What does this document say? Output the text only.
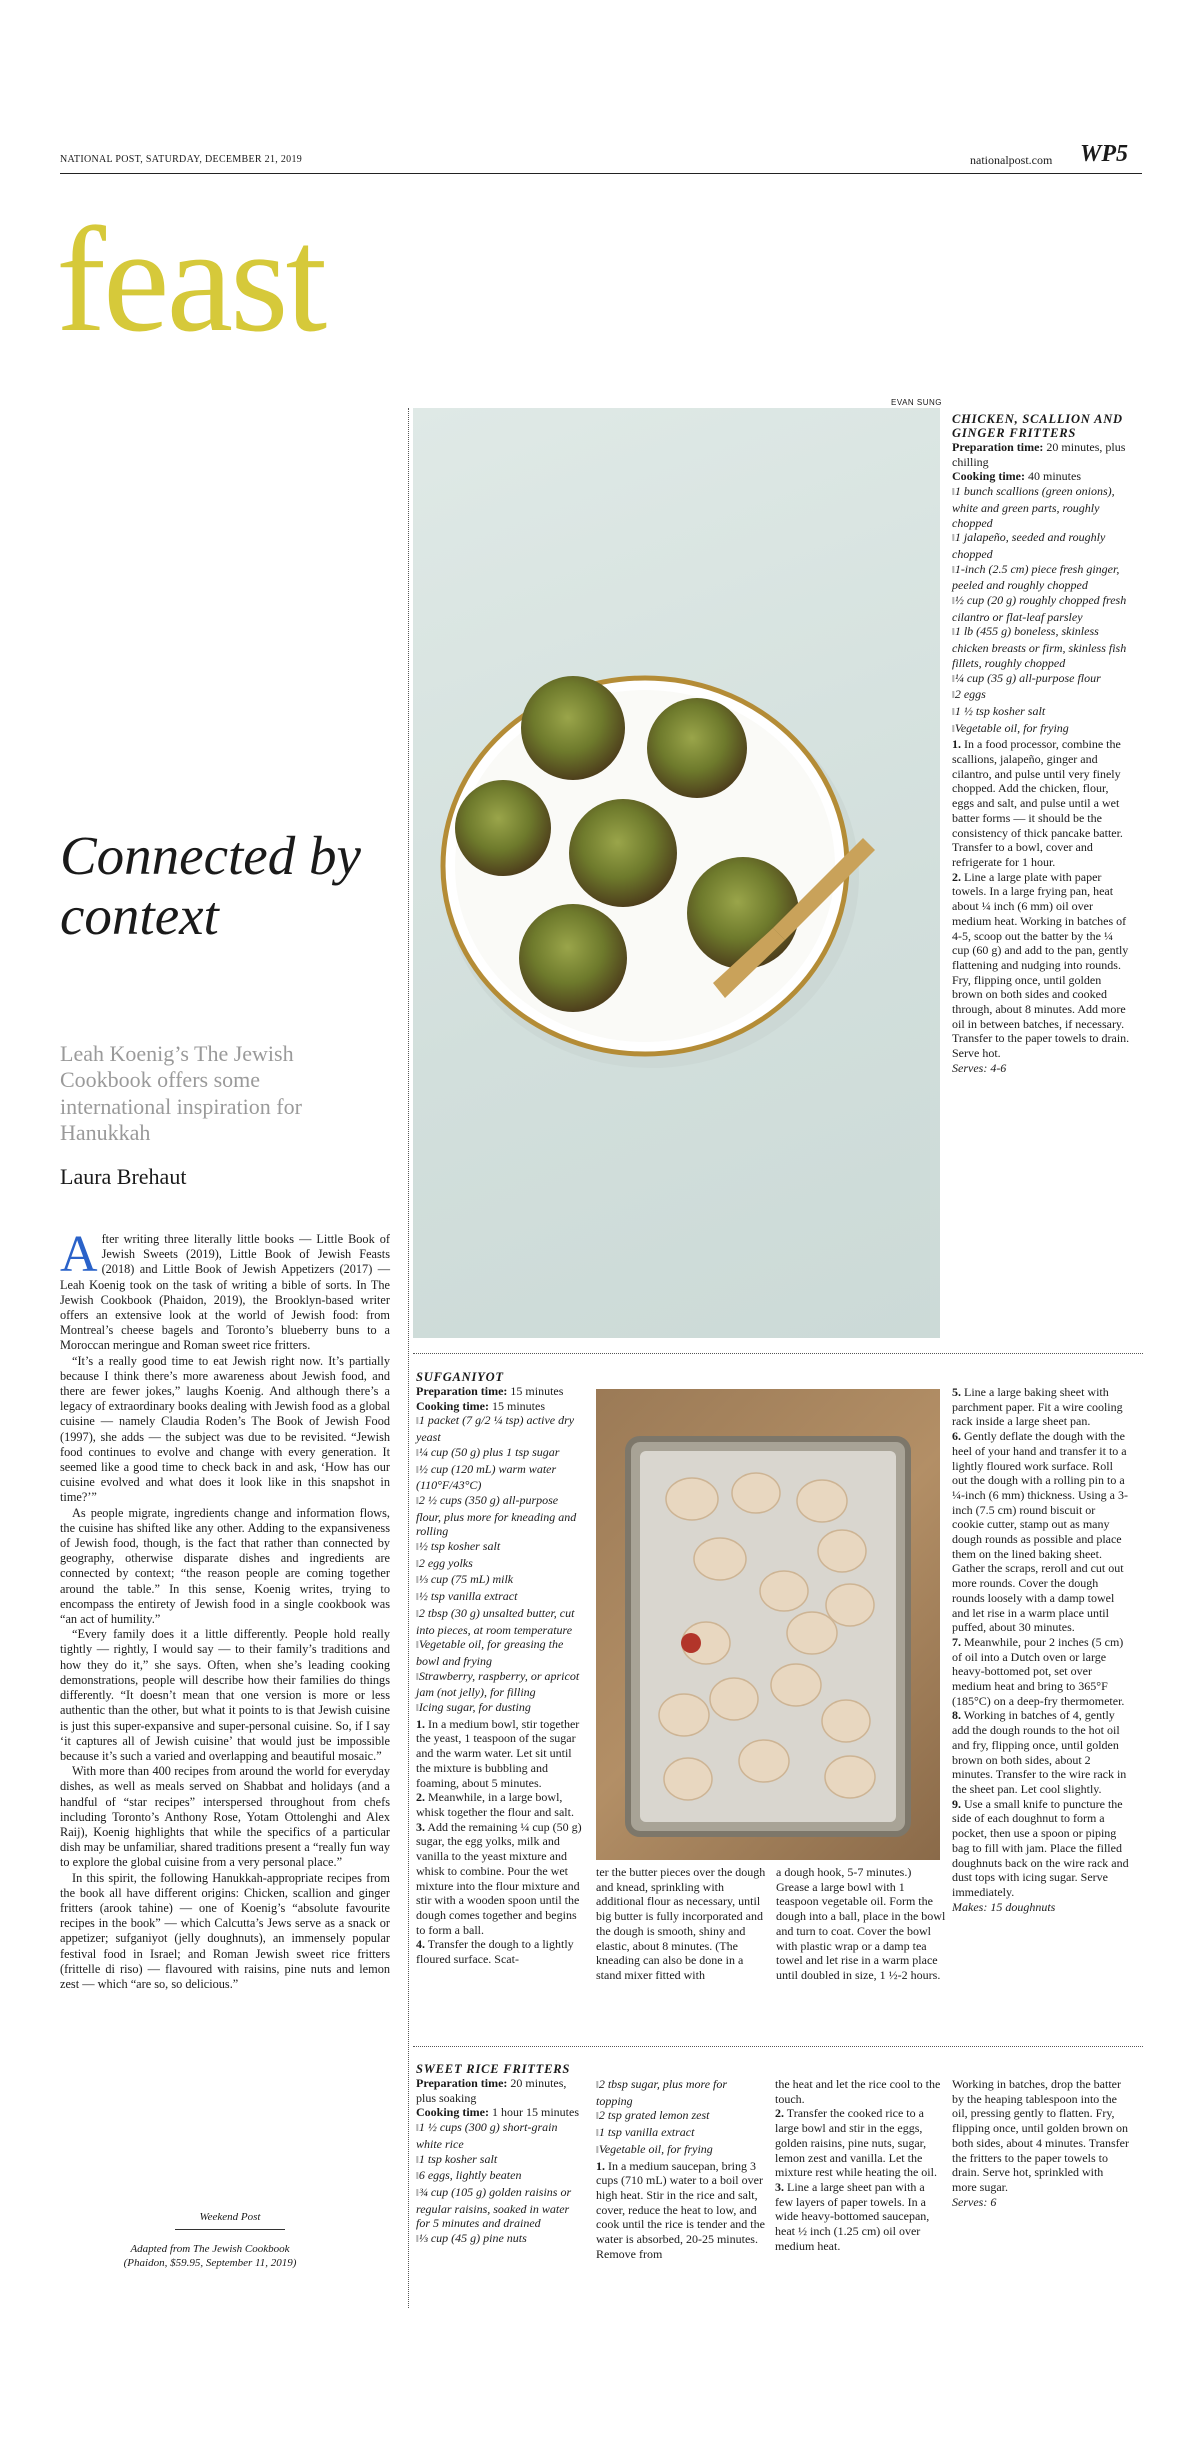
NATIONAL POST, SATURDAY, DECEMBER 21, 2019	nationalpost.com WP5
feast
Connected by context
Leah Koenig’s The Jewish Cookbook offers some international inspiration for Hanukkah
Laura Brehaut

After writing three literally little books — Little Book of Jewish Sweets (2019), Little Book of Jewish Feasts (2018) and Little Book of Jewish Appetizers (2017) — Leah Koenig took on the task of writing a bible of sorts. In The Jewish Cookbook (Phaidon, 2019), the Brooklyn-based writer offers an extensive look at the world of Jewish food: from Montreal’s cheese bagels and Toronto’s blueberry buns to a Moroccan meringue and Roman sweet rice fritters.

“It’s a really good time to eat Jewish right now. It’s partially because I think there’s more awareness about Jewish food, and there are fewer jokes,” laughs Koenig. And although there’s a legacy of extraordinary books dealing with Jewish food as a global cuisine — namely Claudia Roden’s The Book of Jewish Food (1997), she adds — the subject was due to be revisited. “Jewish food continues to evolve and change with every generation. It seemed like a good time to check back in and ask, ‘How has our cuisine evolved and what does it look like in this snapshot in time?’”

As people migrate, ingredients change and information flows, the cuisine has shifted like any other. Adding to the expansiveness of Jewish food, though, is the fact that rather than connected by geography, otherwise disparate dishes and ingredients are connected by context; “the reason people are coming together around the table.” In this sense, Koenig writes, trying to encompass the entirety of Jewish food in a single cookbook was “an act of humility.”

“Every family does it a little differently. People hold really tightly — rightly, I would say — to their family’s traditions and how they do it,” she says. Often, when she’s leading cooking demonstrations, people will describe how their families do things differently. “It doesn’t mean that one version is more or less authentic than the other, but what it points to is that Jewish cuisine is just this super-expansive and super-personal cuisine. So, if I say ‘it captures all of Jewish cuisine’ that would just be impossible because it’s such a varied and overlapping and beautiful mosaic.”

With more than 400 recipes from around the world for everyday dishes, as well as meals served on Shabbat and holidays (and a handful of “star recipes” interspersed throughout from chefs including Toronto’s Anthony Rose, Yotam Ottolenghi and Alex Raij), Koenig highlights that while the specifics of a particular dish may be unfamiliar, shared traditions present a “really fun way to explore the global cuisine from a very personal place.”

In this spirit, the following Hanukkah-appropriate recipes from the book all have different origins: Chicken, scallion and ginger fritters (arook tahine) — one of Koenig’s “absolute favourite recipes in the book” — which Calcutta’s Jews serve as a snack or appetizer; sufganiyot (jelly doughnuts), an immensely popular festival food in Israel; and Roman Jewish sweet rice fritters (frittelle di riso) — flavoured with raisins, pine nuts and lemon zest — which “are so, so delicious.”

Weekend Post
Adapted from The Jewish Cookbook
(Phaidon, $59.95, September 11, 2019)
EVAN SUNG
CHICKEN, SCALLION AND GINGER FRITTERS
Preparation time: 20 minutes, plus chilling
Cooking time: 40 minutes
‖ 1 bunch scallions (green onions), white and green parts, roughly chopped
‖ 1 jalapeño, seeded and roughly chopped
‖ 1-inch (2.5 cm) piece fresh ginger, peeled and roughly chopped
‖ ½ cup (20 g) roughly chopped fresh cilantro or flat-leaf parsley
‖ 1 lb (455 g) boneless, skinless chicken breasts or firm, skinless fish fillets, roughly chopped
‖ ¼ cup (35 g) all-purpose flour
‖ 2 eggs
‖ 1 ½ tsp kosher salt
‖ Vegetable oil, for frying
1. In a food processor, combine the scallions, jalapeño, ginger and cilantro, and pulse until very finely chopped. Add the chicken, flour, eggs and salt, and pulse until a wet batter forms — it should be the consistency of thick pancake batter. Transfer to a bowl, cover and refrigerate for 1 hour.
2. Line a large plate with paper towels. In a large frying pan, heat about ¼ inch (6 mm) oil over medium heat. Working in batches of 4-5, scoop out the batter by the ¼ cup (60 g) and add to the pan, gently flattening and nudging into rounds. Fry, flipping once, until golden brown on both sides and cooked through, about 8 minutes. Add more oil in between batches, if necessary. Transfer to the paper towels to drain. Serve hot.
Serves: 4-6
SUFGANIYOT
Preparation time: 15 minutes
Cooking time: 15 minutes
‖ 1 packet (7 g/2 ¼ tsp) active dry yeast
‖ ¼ cup (50 g) plus 1 tsp sugar
‖ ½ cup (120 mL) warm water (110°F/43°C)
‖ 2 ½ cups (350 g) all-purpose flour, plus more for kneading and rolling
‖ ½ tsp kosher salt
‖ 2 egg yolks
‖ ⅓ cup (75 mL) milk
‖ ½ tsp vanilla extract
‖ 2 tbsp (30 g) unsalted butter, cut into pieces, at room temperature
‖ Vegetable oil, for greasing the bowl and frying
‖ Strawberry, raspberry, or apricot jam (not jelly), for filling
‖ Icing sugar, for dusting
1. In a medium bowl, stir together the yeast, 1 teaspoon of the sugar and the warm water. Let sit until the mixture is bubbling and foaming, about 5 minutes.
2. Meanwhile, in a large bowl, whisk together the flour and salt.
3. Add the remaining ¼ cup (50 g) sugar, the egg yolks, milk and vanilla to the yeast mixture and whisk to combine. Pour the wet mixture into the flour mixture and stir with a wooden spoon until the dough comes together and begins to form a ball.
4. Transfer the dough to a lightly floured surface. Scat-
ter the butter pieces over the dough and knead, sprinkling with additional flour as necessary, until big butter is fully incorporated and the dough is smooth, shiny and elastic, about 8 minutes. (The kneading can also be done in a stand mixer fitted with
a dough hook, 5-7 minutes.) Grease a large bowl with 1 teaspoon vegetable oil. Form the dough into a ball, place in the bowl and turn to coat. Cover the bowl with plastic wrap or a damp tea towel and let rise in a warm place until doubled in size, 1 ½-2 hours.
5. Line a large baking sheet with parchment paper. Fit a wire cooling rack inside a large sheet pan.
6. Gently deflate the dough with the heel of your hand and transfer it to a lightly floured work surface. Roll out the dough with a rolling pin to a ¼-inch (6 mm) thickness. Using a 3-inch (7.5 cm) round biscuit or cookie cutter, stamp out as many dough rounds as possible and place them on the lined baking sheet. Gather the scraps, reroll and cut out more rounds. Cover the dough rounds loosely with a damp towel and let rise in a warm place until puffed, about 30 minutes.
7. Meanwhile, pour 2 inches (5 cm) of oil into a Dutch oven or large heavy-bottomed pot, set over medium heat and bring to 365°F (185°C) on a deep-fry thermometer.
8. Working in batches of 4, gently add the dough rounds to the hot oil and fry, flipping once, until golden brown on both sides, about 2 minutes. Transfer to the wire rack in the sheet pan. Let cool slightly.
9. Use a small knife to puncture the side of each doughnut to form a pocket, then use a spoon or piping bag to fill with jam. Place the filled doughnuts back on the wire rack and dust tops with icing sugar. Serve immediately.
Makes: 15 doughnuts
SWEET RICE FRITTERS
Preparation time: 20 minutes, plus soaking
Cooking time: 1 hour 15 minutes
‖ 1 ½ cups (300 g) short-grain white rice
‖ 1 tsp kosher salt
‖ 6 eggs, lightly beaten
‖ ¾ cup (105 g) golden raisins or regular raisins, soaked in water for 5 minutes and drained
‖ ⅓ cup (45 g) pine nuts
‖ 2 tbsp sugar, plus more for topping
‖ 2 tsp grated lemon zest
‖ 1 tsp vanilla extract
‖ Vegetable oil, for frying
1. In a medium saucepan, bring 3 cups (710 mL) water to a boil over high heat. Stir in the rice and salt, cover, reduce the heat to low, and cook until the rice is tender and the water is absorbed, 20-25 minutes. Remove from
the heat and let the rice cool to the touch.
2. Transfer the cooked rice to a large bowl and stir in the eggs, golden raisins, pine nuts, sugar, lemon zest and vanilla. Let the mixture rest while heating the oil.
3. Line a large sheet pan with a few layers of paper towels. In a wide heavy-bottomed saucepan, heat ½ inch (1.25 cm) oil over medium heat.
Working in batches, drop the batter by the heaping tablespoon into the oil, pressing gently to flatten. Fry, flipping once, until golden brown on both sides, about 4 minutes. Transfer the fritters to the paper towels to drain. Serve hot, sprinkled with more sugar.
Serves: 6
